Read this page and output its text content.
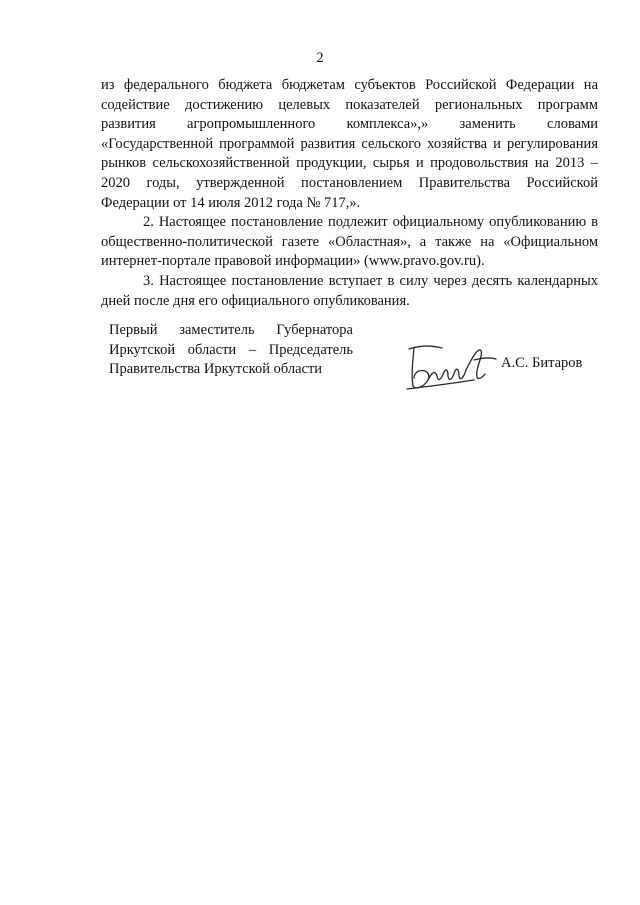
2

из федерального бюджета бюджетам субъектов Российской Федерации на содействие достижению целевых показателей региональных программ развития агропромышленного комплекса»,» заменить словами «Государственной программой развития сельского хозяйства и регулирования рынков сельскохозяйственной продукции, сырья и продовольствия на 2013 – 2020 годы, утвержденной постановлением Правительства Российской Федерации от 14 июля 2012 года № 717,».

2. Настоящее постановление подлежит официальному опубликованию в общественно-политической газете «Областная», а также на «Официальном интернет-портале правовой информации» (www.pravo.gov.ru).

3. Настоящее постановление вступает в силу через десять календарных дней после дня его официального опубликования.

Первый заместитель Губернатора
Иркутской области – Председатель
Правительства Иркутской области	А.С. Битаров
